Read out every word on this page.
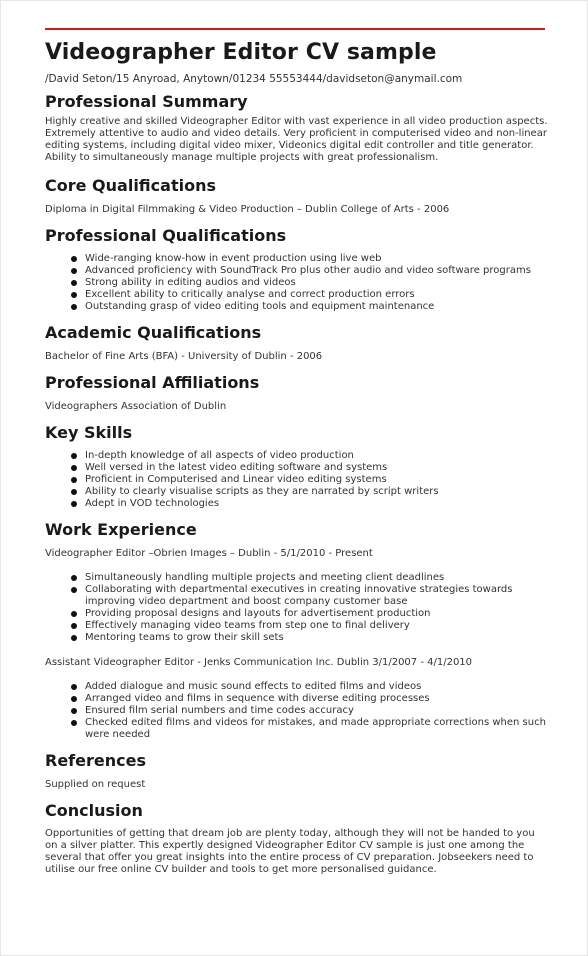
Videographer Editor CV sample

/David Seton/15 Anyroad, Anytown/01234 55553444/davidseton@anymail.com

Professional Summary

Highly creative and skilled Videographer Editor with vast experience in all video production aspects. Extremely attentive to audio and video details. Very proficient in computerised video and non-linear editing systems, including digital video mixer, Videonics digital edit controller and title generator. Ability to simultaneously manage multiple projects with great professionalism.

Core Qualifications

Diploma in Digital Filmmaking & Video Production – Dublin College of Arts - 2006

Professional Qualifications
Wide-ranging know-how in event production using live web
Advanced proficiency with SoundTrack Pro plus other audio and video software programs
Strong ability in editing audios and videos
Excellent ability to critically analyse and correct production errors
Outstanding grasp of video editing tools and equipment maintenance
Academic Qualifications

Bachelor of Fine Arts (BFA) - University of Dublin - 2006

Professional Affiliations

Videographers Association of Dublin

Key Skills
In-depth knowledge of all aspects of video production
Well versed in the latest video editing software and systems
Proficient in Computerised and Linear video editing systems
Ability to clearly visualise scripts as they are narrated by script writers
Adept in VOD technologies
Work Experience

Videographer Editor –Obrien Images – Dublin - 5/1/2010 - Present

Simultaneously handling multiple projects and meeting client deadlines
Collaborating with departmental executives in creating innovative strategies towards improving video department and boost company customer base
Providing proposal designs and layouts for advertisement production
Effectively managing video teams from step one to final delivery
Mentoring teams to grow their skill sets

Assistant Videographer Editor - Jenks Communication Inc. Dublin 3/1/2007 - 4/1/2010

Added dialogue and music sound effects to edited films and videos
Arranged video and films in sequence with diverse editing processes
Ensured film serial numbers and time codes accuracy
Checked edited films and videos for mistakes, and made appropriate corrections when such were needed
References

Supplied on request

Conclusion

Opportunities of getting that dream job are plenty today, although they will not be handed to you on a silver platter. This expertly designed Videographer Editor CV sample is just one among the several that offer you great insights into the entire process of CV preparation. Jobseekers need to utilise our free online CV builder and tools to get more personalised guidance.
